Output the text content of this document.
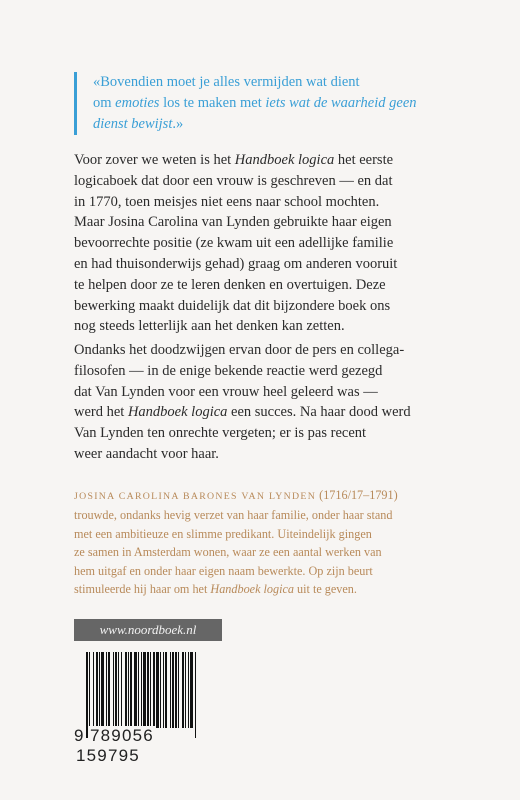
«Bovendien moet je alles vermijden wat dient
om emoties los te maken met iets wat de waarheid geen
dienst bewijst.»
Voor zover we weten is het Handboek logica het eerste
logicaboek dat door een vrouw is geschreven — en dat
in 1770, toen meisjes niet eens naar school mochten.
Maar Josina Carolina van Lynden gebruikte haar eigen
bevoorrechte positie (ze kwam uit een adellijke familie
en had thuisonderwijs gehad) graag om anderen vooruit
te helpen door ze te leren denken en overtuigen. Deze
bewerking maakt duidelijk dat dit bijzondere boek ons
nog steeds letterlijk aan het denken kan zetten.
Ondanks het doodzwijgen ervan door de pers en collega-
filosofen — in de enige bekende reactie werd gezegd
dat Van Lynden voor een vrouw heel geleerd was —
werd het Handboek logica een succes. Na haar dood werd
Van Lynden ten onrechte vergeten; er is pas recent
weer aandacht voor haar.
JOSINA CAROLINA BARONES VAN LYNDEN (1716/17–1791)
trouwde, ondanks hevig verzet van haar familie, onder haar stand
met een ambitieuze en slimme predikant. Uiteindelijk gingen
ze samen in Amsterdam wonen, waar ze een aantal werken van
hem uitgaf en onder haar eigen naam bewerkte. Op zijn beurt
stimuleerde hij haar om het Handboek logica uit te geven.
www.noordboek.nl
9 789056 159795
